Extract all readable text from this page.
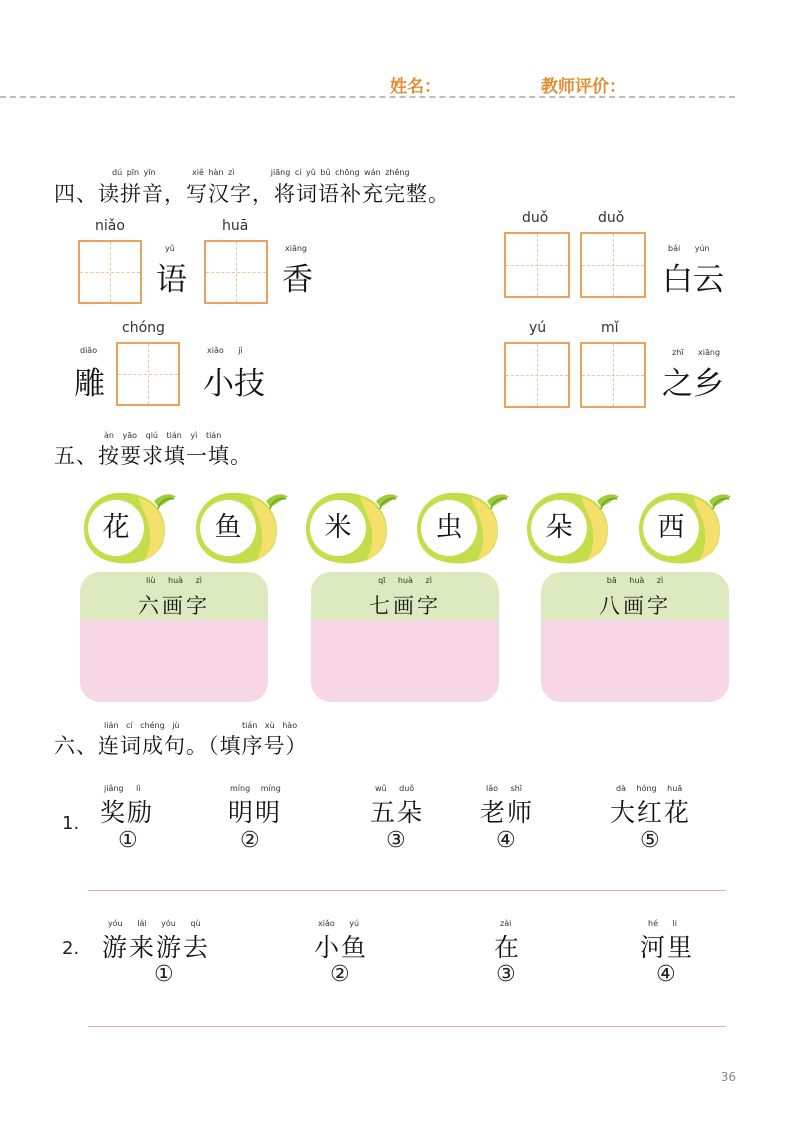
姓名：	教师评价：
dú pīn yīn	xiě hàn zì	jiāng cí yǔ bǔ chōng wán zhěng
四、读拼音，写汉字，将词语补充完整。
niǎo
yǔ
语
huā
xiāng
香
duǒ	duǒ
bái yún
白云
chóng
diāo
雕
xiǎo jì
小技
yú	mǐ
zhī xiāng
之乡
àn yāo qiú tián yì tián
五、按要求填一填。
花	鱼	米	虫	朵	西
liù huà zì
六画字
qī huà zì
七画字
bā huà zì
八画字
lián cí chéng jù	tián xù hào
六、连词成句。（填序号）
1.
jiǎng lì
奖励
①
míng míng
明明
②
wǔ duǒ
五朵
③
lǎo shī
老师
④
dà hóng huā
大红花
⑤
2.
yóu lái yóu qù
游来游去
①
xiǎo yú
小鱼
②
zài
在
③
hé li
河里
④
36
